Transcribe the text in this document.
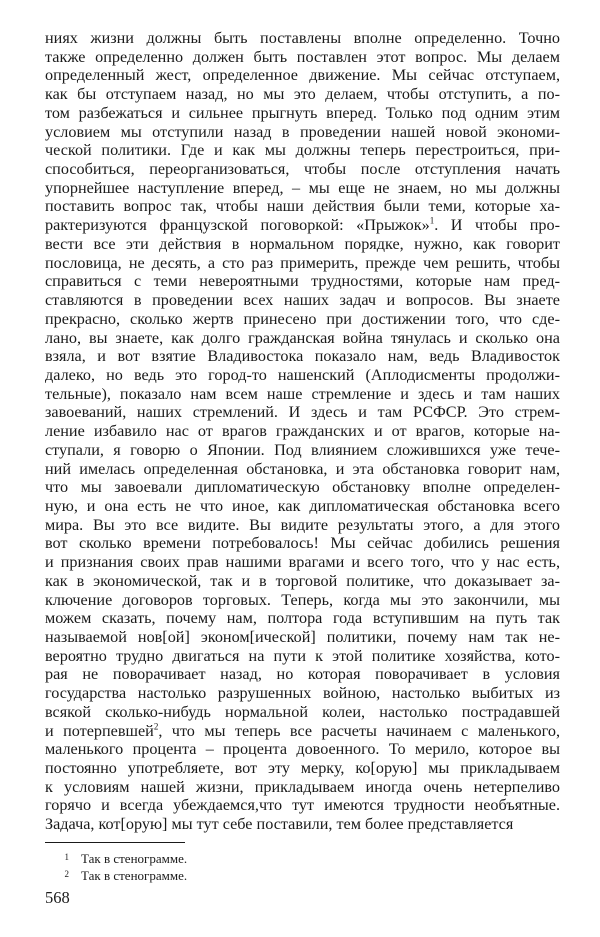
ниях жизни должны быть поставлены вполне определенно. Точно
также определенно должен быть поставлен этот вопрос. Мы делаем
определенный жест, определенное движение. Мы сейчас отступаем,
как бы отступаем назад, но мы это делаем, чтобы отступить, а по-
том разбежаться и сильнее прыгнуть вперед. Только под одним этим
условием мы отступили назад в проведении нашей новой экономи-
ческой политики. Где и как мы должны теперь перестроиться, при-
способиться, переорганизоваться, чтобы после отступления начать
упорнейшее наступление вперед, – мы еще не знаем, но мы должны
поставить вопрос так, чтобы наши действия были теми, которые ха-
рактеризуются французской поговоркой: «Прыжок»$^1$. И чтобы про-
вести все эти действия в нормальном порядке, нужно, как говорит
пословица, не десять, а сто раз примерить, прежде чем решить, чтобы
справиться с теми невероятными трудностями, которые нам пред-
ставляются в проведении всех наших задач и вопросов. Вы знаете
прекрасно, сколько жертв принесено при достижении того, что сде-
лано, вы знаете, как долго гражданская война тянулась и сколько она
взяла, и вот взятие Владивостока показало нам, ведь Владивосток
далеко, но ведь это город-то нашенский (Аплодисменты продолжи-
тельные), показало нам всем наше стремление и здесь и там наших
завоеваний, наших стремлений. И здесь и там РСФСР. Это стрем-
ление избавило нас от врагов гражданских и от врагов, которые на-
ступали, я говорю о Японии. Под влиянием сложившихся уже тече-
ний имелась определенная обстановка, и эта обстановка говорит нам,
что мы завоевали дипломатическую обстановку вполне определен-
ную, и она есть не что иное, как дипломатическая обстановка всего
мира. Вы это все видите. Вы видите результаты этого, а для этого
вот сколько времени потребовалось! Мы сейчас добились решения
и признания своих прав нашими врагами и всего того, что у нас есть,
как в экономической, так и в торговой политике, что доказывает за-
ключение договоров торговых. Теперь, когда мы это закончили, мы
можем сказать, почему нам, полтора года вступившим на путь так
называемой нов[ой] эконом[ической] политики, почему нам так не-
вероятно трудно двигаться на пути к этой политике хозяйства, кото-
рая не поворачивает назад, но которая поворачивает в условия
государства настолько разрушенных войною, настолько выбитых из
всякой сколько-нибудь нормальной колеи, настолько пострадавшей
и потерпевшей$^2$, что мы теперь все расчеты начинаем с маленького,
маленького процента – процента довоенного. То мерило, которое вы
постоянно употребляете, вот эту мерку, ко[орую] мы прикладываем
к условиям нашей жизни, прикладываем иногда очень нетерпеливо
горячо и всегда убеждаемся,что тут имеются трудности необъятные.
Задача, кот[орую] мы тут себе поставили, тем более представляется
1 Так в стенограмме.
2 Так в стенограмме.
568
